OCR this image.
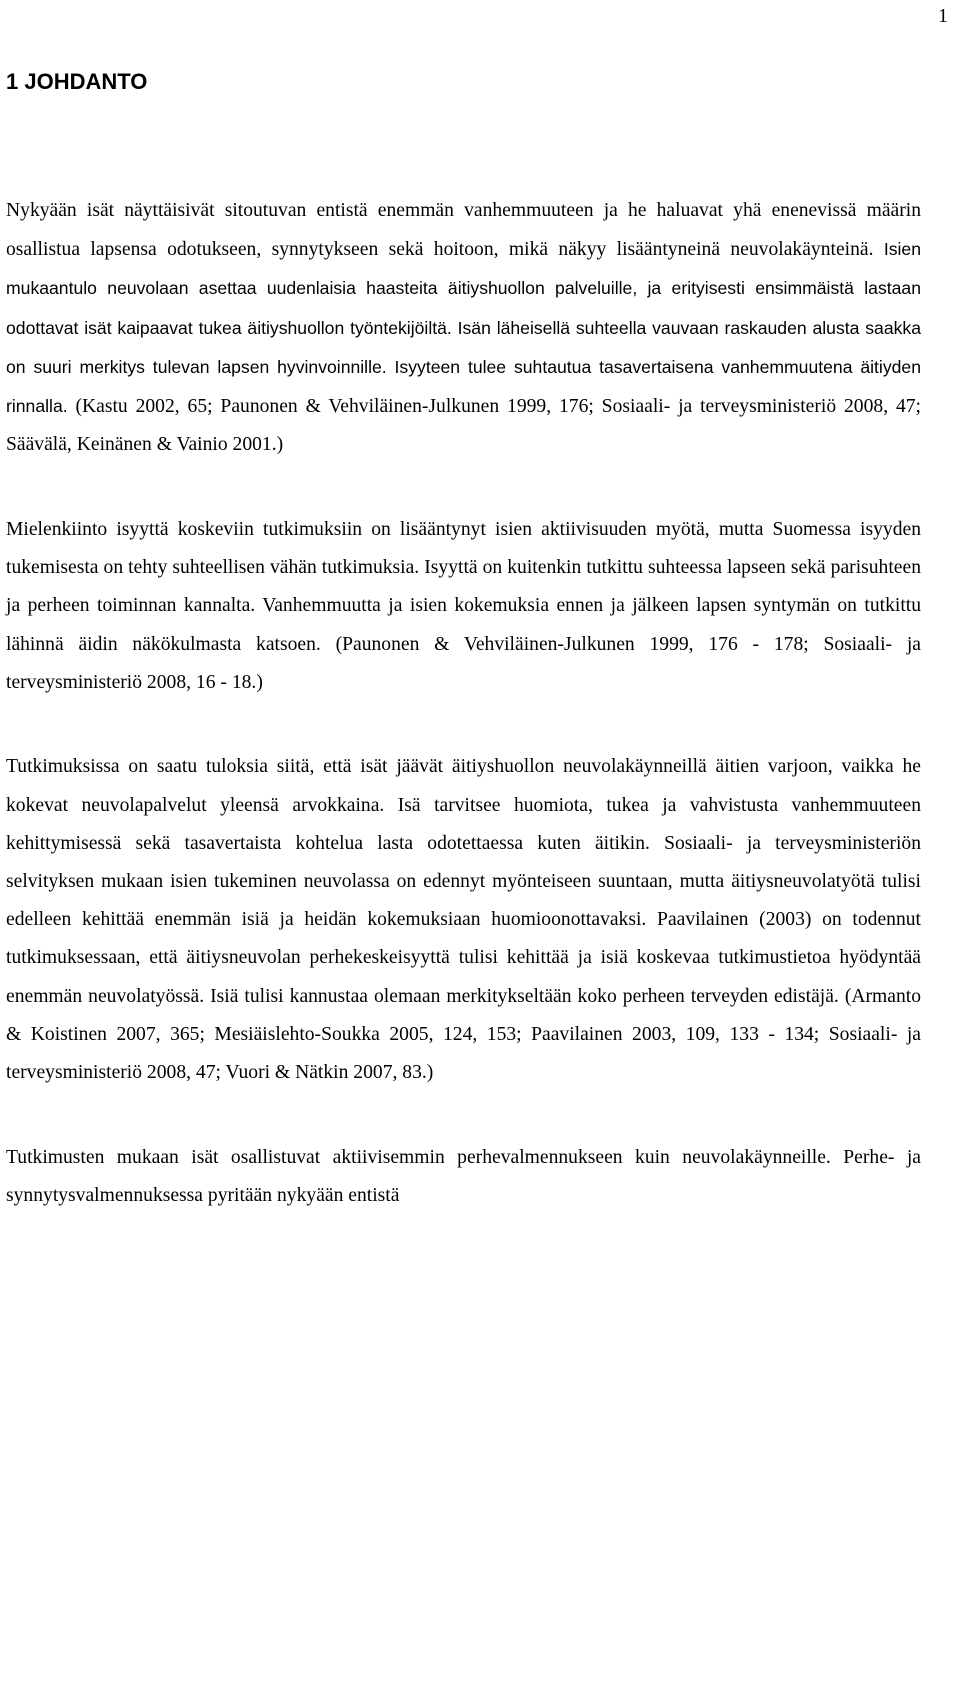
1
1 JOHDANTO

Nykyään isät näyttäisivät sitoutuvan entistä enemmän vanhemmuuteen ja he haluavat yhä enenevissä määrin osallistua lapsensa odotukseen, synnytykseen sekä hoitoon, mikä näkyy lisääntyneinä neuvolakäynteinä. Isien mukaantulo neuvolaan asettaa uudenlaisia haasteita äitiyshuollon palveluille, ja erityisesti ensimmäistä lastaan odottavat isät kaipaavat tukea äitiyshuollon työntekijöiltä. Isän läheisellä suhteella vauvaan raskauden alusta saakka on suuri merkitys tulevan lapsen hyvinvoinnille. Isyyteen tulee suhtautua tasavertaisena vanhemmuutena äitiyden rinnalla. (Kastu 2002, 65; Paunonen & Vehviläinen-Julkunen 1999, 176; Sosiaali- ja terveysministeriö 2008, 47; Säävälä, Keinänen & Vainio 2001.)

Mielenkiinto isyyttä koskeviin tutkimuksiin on lisääntynyt isien aktiivisuuden myötä, mutta Suomessa isyyden tukemisesta on tehty suhteellisen vähän tutkimuksia. Isyyttä on kuitenkin tutkittu suhteessa lapseen sekä parisuhteen ja perheen toiminnan kannalta. Vanhemmuutta ja isien kokemuksia ennen ja jälkeen lapsen syntymän on tutkittu lähinnä äidin näkökulmasta katsoen. (Paunonen & Vehviläinen-Julkunen 1999, 176 - 178; Sosiaali- ja terveysministeriö 2008, 16 - 18.)

Tutkimuksissa on saatu tuloksia siitä, että isät jäävät äitiyshuollon neuvolakäynneillä äitien varjoon, vaikka he kokevat neuvolapalvelut yleensä arvokkaina. Isä tarvitsee huomiota, tukea ja vahvistusta vanhemmuuteen kehittymisessä sekä tasavertaista kohtelua lasta odotettaessa kuten äitikin. Sosiaali- ja terveysministeriön selvityksen mukaan isien tukeminen neuvolassa on edennyt myönteiseen suuntaan, mutta äitiysneuvolatyötä tulisi edelleen kehittää enemmän isiä ja heidän kokemuksiaan huomioonottavaksi. Paavilainen (2003) on todennut tutkimuksessaan, että äitiysneuvolan perhekeskeisyyttä tulisi kehittää ja isiä koskevaa tutkimustietoa hyödyntää enemmän neuvolatyössä. Isiä tulisi kannustaa olemaan merkitykseltään koko perheen terveyden edistäjä. (Armanto & Koistinen 2007, 365; Mesiäislehto-Soukka 2005, 124, 153; Paavilainen 2003, 109, 133 - 134; Sosiaali- ja terveysministeriö 2008, 47; Vuori & Nätkin 2007, 83.)

Tutkimusten mukaan isät osallistuvat aktiivisemmin perhevalmennukseen kuin neuvolakäynneille. Perhe- ja synnytysvalmennuksessa pyritään nykyään entistä
